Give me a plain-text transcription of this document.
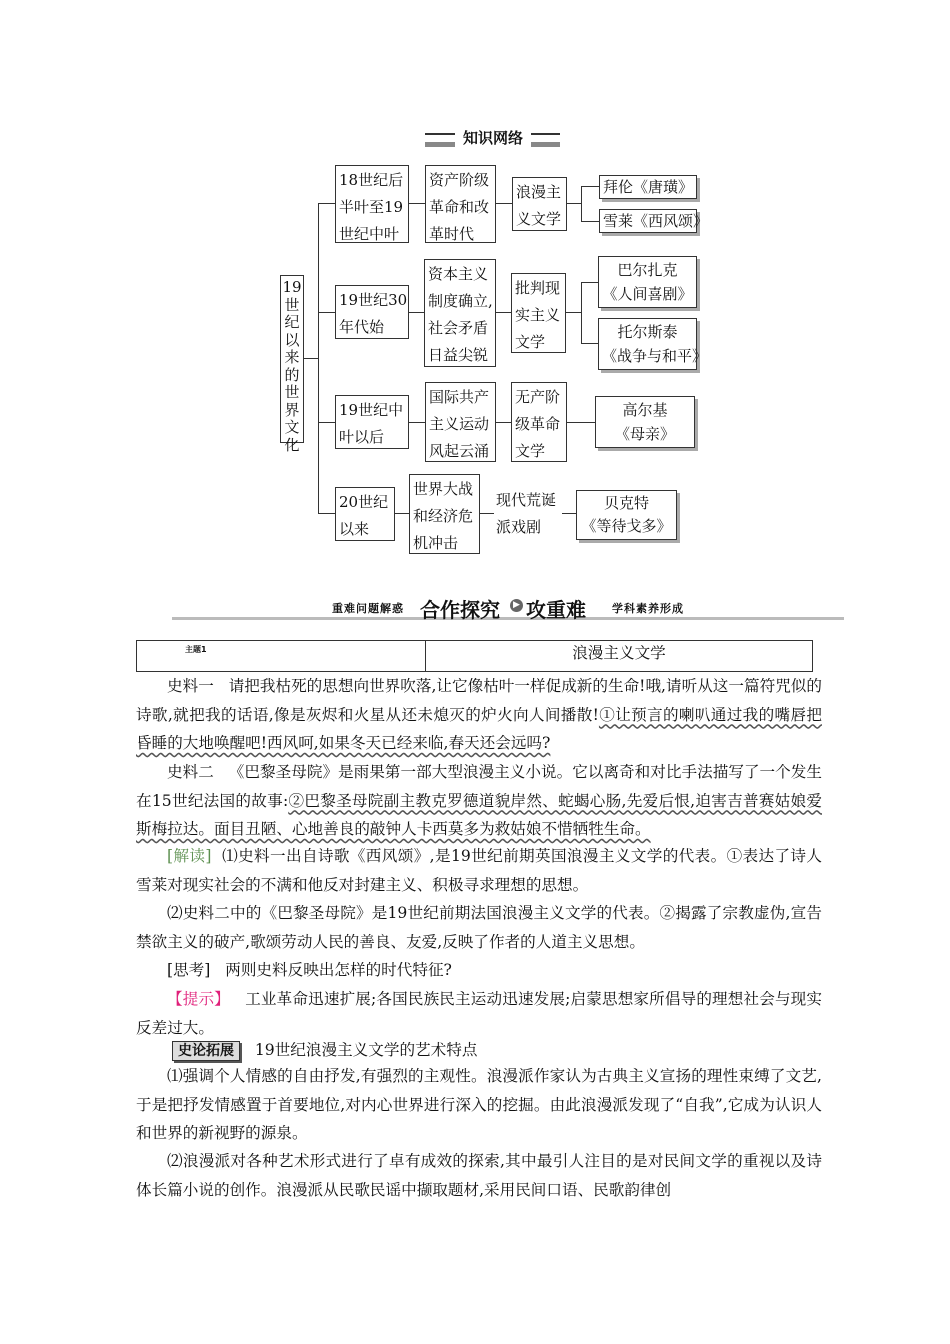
知识网络
19世纪以来的世界文化
18世纪后
半叶至19
世纪中叶
资产阶级
革命和改
革时代
浪漫主
义文学
拜伦《唐璜》
雪莱《西风颂》
19世纪30
年代始
资本主义
制度确立,
社会矛盾
日益尖锐
批判现
实主义
文学
巴尔扎克
《人间喜剧》
托尔斯泰
《战争与和平》
19世纪中
叶以后
国际共产
主义运动
风起云涌
无产阶
级革命
文学
高尔基
《母亲》
20世纪
以来
世界大战
和经济危
机冲击
现代荒诞
派戏剧
贝克特
《等待戈多》
重难问题解惑 合作探究	▶ 攻重难 学科素养形成
主题1	浪漫主义文学

史料一 请把我枯死的思想向世界吹落,让它像枯叶一样促成新的生命!哦,请听从这一篇符咒似的诗歌,就把我的话语,像是灰烬和火星从还未熄灭的炉火向人间播散!①让预言的喇叭通过我的嘴唇把昏睡的大地唤醒吧!西风呵,如果冬天已经来临,春天还会远吗?

史料二 《巴黎圣母院》是雨果第一部大型浪漫主义小说。它以离奇和对比手法描写了一个发生在15世纪法国的故事:②巴黎圣母院副主教克罗德道貌岸然、蛇蝎心肠,先爱后恨,迫害吉普赛姑娘爱斯梅拉达。面目丑陋、心地善良的敲钟人卡西莫多为救姑娘不惜牺牲生命。

[解读] ⑴史料一出自诗歌《西风颂》,是19世纪前期英国浪漫主义文学的代表。①表达了诗人雪莱对现实社会的不满和他反对封建主义、积极寻求理想的思想。

⑵史料二中的《巴黎圣母院》是19世纪前期法国浪漫主义文学的代表。②揭露了宗教虚伪,宣告禁欲主义的破产,歌颂劳动人民的善良、友爱,反映了作者的人道主义思想。

[思考] 两则史料反映出怎样的时代特征?

【提示】 工业革命迅速扩展;各国民族民主运动迅速发展;启蒙思想家所倡导的理想社会与现实反差过大。

史论拓展 19世纪浪漫主义文学的艺术特点

⑴强调个人情感的自由抒发,有强烈的主观性。浪漫派作家认为古典主义宣扬的理性束缚了文艺,于是把抒发情感置于首要地位,对内心世界进行深入的挖掘。由此浪漫派发现了“自我”,它成为认识人和世界的新视野的源泉。

⑵浪漫派对各种艺术形式进行了卓有成效的探索,其中最引人注目的是对民间文学的重视以及诗体长篇小说的创作。浪漫派从民歌民谣中撷取题材,采用民间口语、民歌韵律创
